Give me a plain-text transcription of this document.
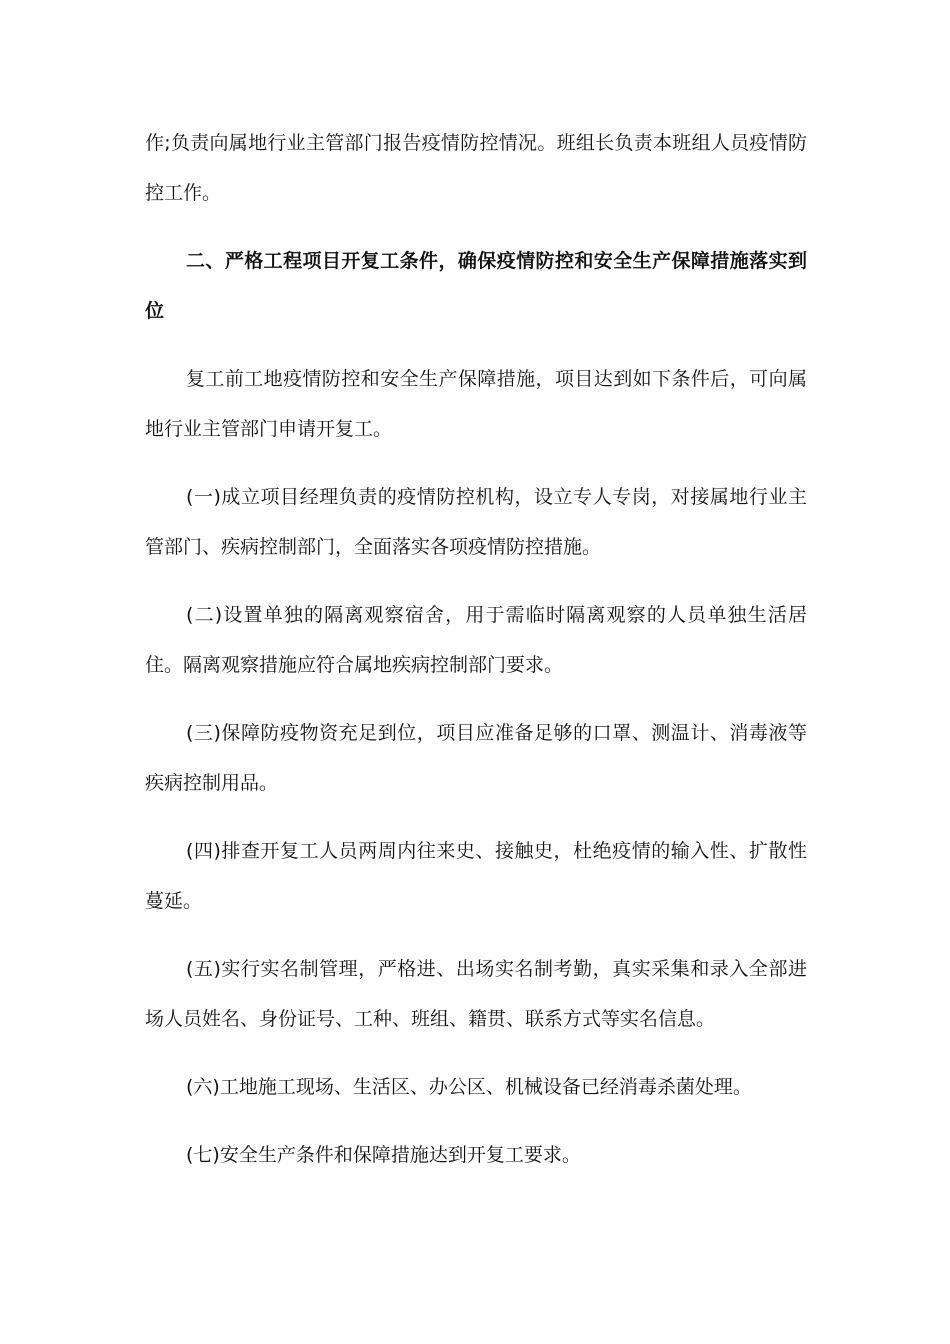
作;负责向属地行业主管部门报告疫情防控情况。班组长负责本班组人员疫情防控工作。

二、严格工程项目开复工条件，确保疫情防控和安全生产保障措施落实到位

复工前工地疫情防控和安全生产保障措施，项目达到如下条件后，可向属地行业主管部门申请开复工。

(一)成立项目经理负责的疫情防控机构，设立专人专岗，对接属地行业主管部门、疾病控制部门，全面落实各项疫情防控措施。

(二)设置单独的隔离观察宿舍，用于需临时隔离观察的人员单独生活居住。隔离观察措施应符合属地疾病控制部门要求。

(三)保障防疫物资充足到位，项目应准备足够的口罩、测温计、消毒液等疾病控制用品。

(四)排查开复工人员两周内往来史、接触史，杜绝疫情的输入性、扩散性蔓延。

(五)实行实名制管理，严格进、出场实名制考勤，真实采集和录入全部进场人员姓名、身份证号、工种、班组、籍贯、联系方式等实名信息。

(六)工地施工现场、生活区、办公区、机械设备已经消毒杀菌处理。

(七)安全生产条件和保障措施达到开复工要求。
